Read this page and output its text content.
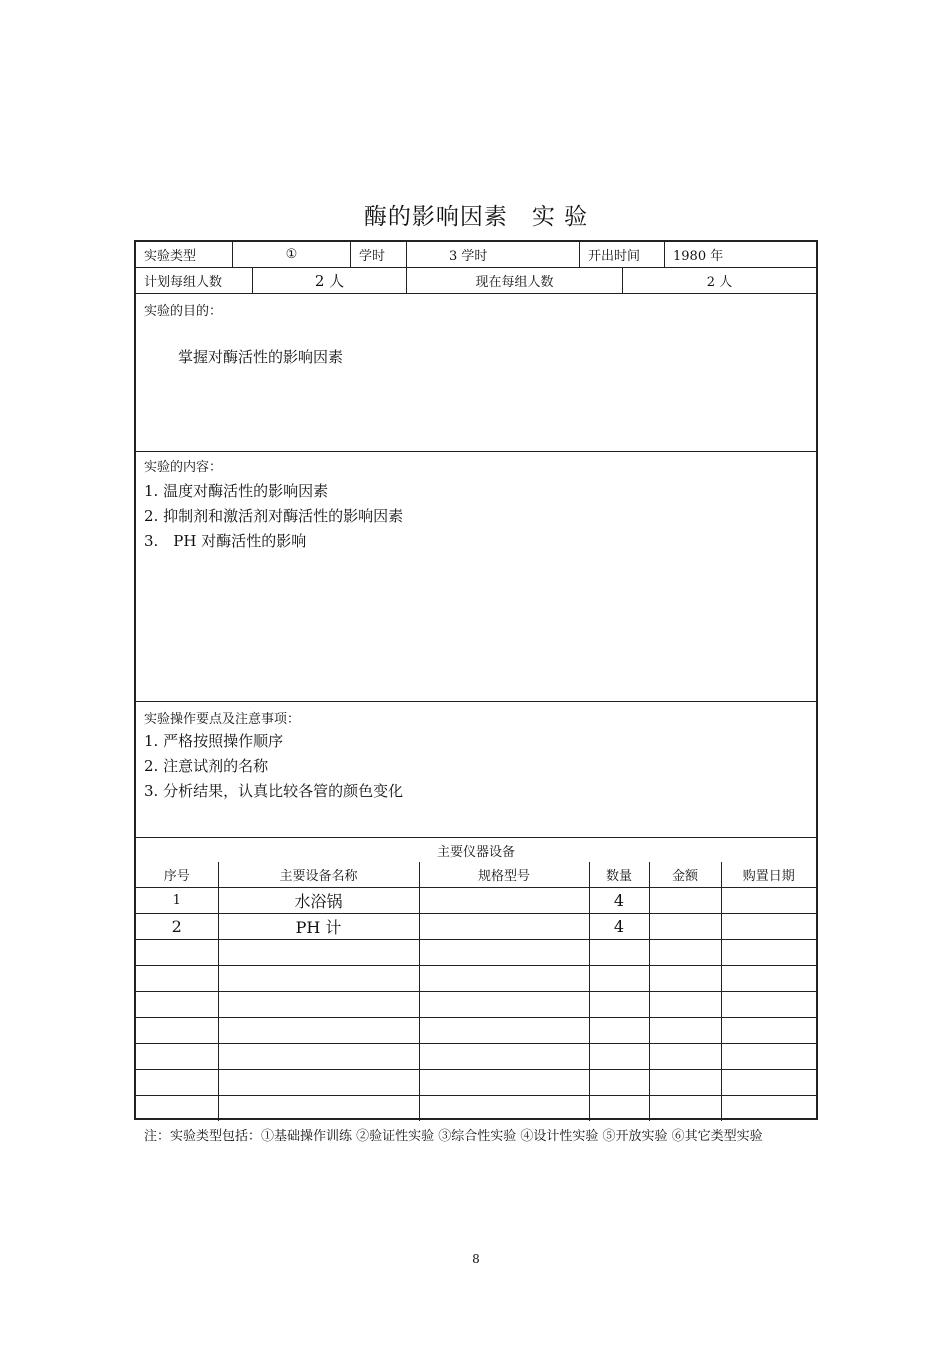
酶的影响因素　实 验
实验类型	①	学时	3 学时	开出时间	1980 年
计划每组人数	2 人	现在每组人数	2 人
实验的目的：
掌握对酶活性的影响因素
实验的内容：
1. 温度对酶活性的影响因素
2. 抑制剂和激活剂对酶活性的影响因素
3.　PH 对酶活性的影响
实验操作要点及注意事项：
1. 严格按照操作顺序
2. 注意试剂的名称
3. 分析结果，认真比较各管的颜色变化
主要仪器设备
序号	主要设备名称	规格型号	数量	金额	购置日期
1	水浴锅		4		
2	PH 计		4		

注：实验类型包括：①基础操作训练 ②验证性实验 ③综合性实验 ④设计性实验 ⑤开放实验 ⑥其它类型实验
8
